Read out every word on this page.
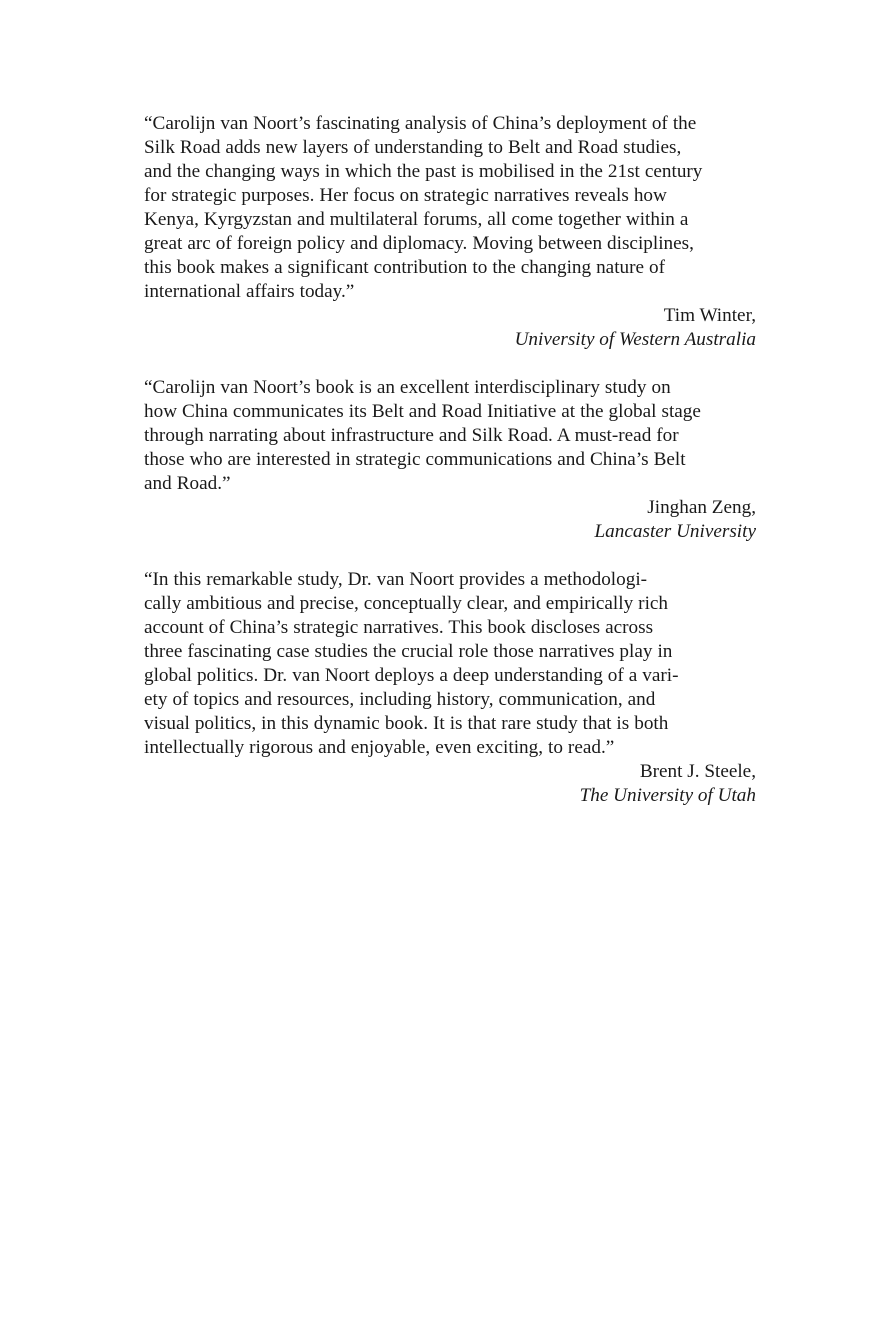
“Carolijn van Noort’s fascinating analysis of China’s deployment of the
Silk Road adds new layers of understanding to Belt and Road studies,
and the changing ways in which the past is mobilised in the 21st century
for strategic purposes. Her focus on strategic narratives reveals how
Kenya, Kyrgyzstan and multilateral forums, all come together within a
great arc of foreign policy and diplomacy. Moving between disciplines,
this book makes a significant contribution to the changing nature of
international affairs today.”
Tim Winter,
University of Western Australia
“Carolijn van Noort’s book is an excellent interdisciplinary study on
how China communicates its Belt and Road Initiative at the global stage
through narrating about infrastructure and Silk Road. A must-read for
those who are interested in strategic communications and China’s Belt
and Road.”
Jinghan Zeng,
Lancaster University
“In this remarkable study, Dr. van Noort provides a methodologi-
cally ambitious and precise, conceptually clear, and empirically rich
account of China’s strategic narratives. This book discloses across
three fascinating case studies the crucial role those narratives play in
global politics. Dr. van Noort deploys a deep understanding of a vari-
ety of topics and resources, including history, communication, and
visual politics, in this dynamic book. It is that rare study that is both
intellectually rigorous and enjoyable, even exciting, to read.”
Brent J. Steele,
The University of Utah
